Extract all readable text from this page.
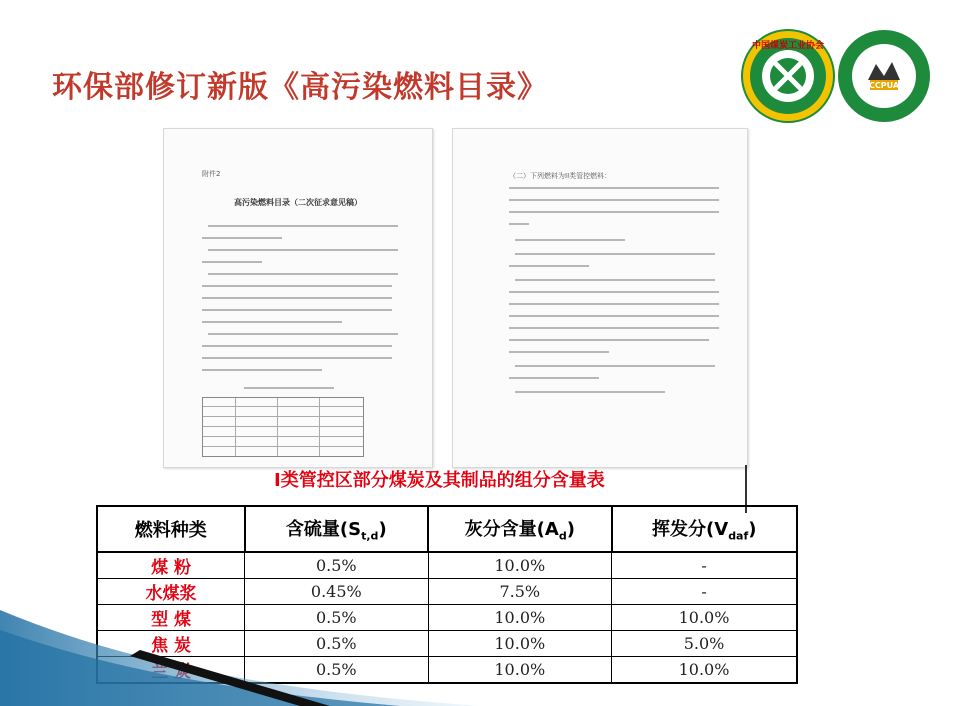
环保部修订新版《高污染燃料目录》
中国煤炭工业协会
CCPUA
附件2
高污染燃料目录（二次征求意见稿）
（二）下列燃料为II类管控燃料：
I类管控区部分煤炭及其制品的组分含量表
燃料种类	含硫量$(S_{t,d})$	灰分含量$(A_d)$	挥发分$(V_{daf})$
煤 粉	0.5%	10.0%	-
水煤浆	0.45%	7.5%	-
型 煤	0.5%	10.0%	10.0%
焦 炭	0.5%	10.0%	5.0%
	0.5%	10.0%	10.0%
